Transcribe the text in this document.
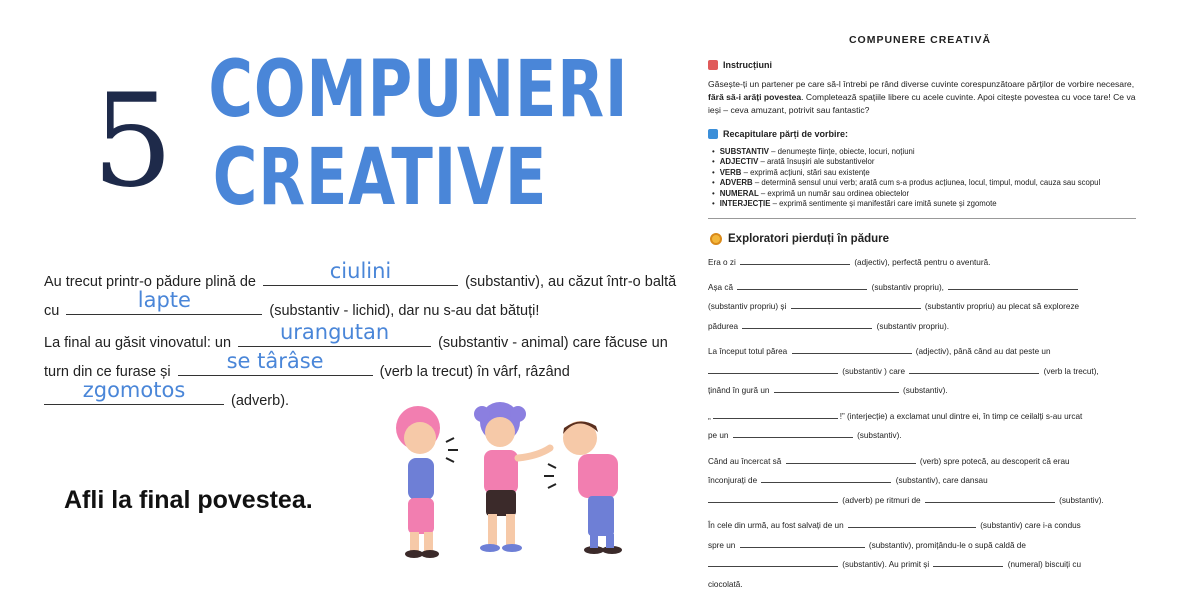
5 COMPUNERI
CREATIVE

Au trecut printr-o pădure plină de	ciulini	(substantiv), au căzut într-o baltă
cu	lapte	(substantiv - lichid), dar nu s-au dat bătuți!

La final au găsit vinovatul: un	urangutan	(substantiv - animal) care făcuse un
turn din ce furase și	se târâse	(verb la trecut) în vârf, râzând

zgomotos	(adverb).

Afli la final povestea.
COMPUNERE CREATIVĂ
Instrucțiuni
Găsește-ți un partener pe care să-l întrebi pe rând diverse cuvinte corespunzătoare părților de vorbire necesare, fără să-i arăți povestea. Completează spațiile libere cu acele cuvinte. Apoi citește povestea cu voce tare! Ce va ieși – ceva amuzant, potrivit sau fantastic?
Recapitulare părți de vorbire:
• SUBSTANTIV – denumește ființe, obiecte, locuri, noțiuni
• ADJECTIV – arată însușiri ale substantivelor
• VERB – exprimă acțiuni, stări sau existențe
• ADVERB – determină sensul unui verb; arată cum s-a produs acțiunea, locul, timpul, modul, cauza sau scopul
• NUMERAL – exprimă un număr sau ordinea obiectelor
• INTERJECȚIE – exprimă sentimente și manifestări care imită sunete și zgomote
Exploratori pierduți în pădure

Era o zi	(adjectiv), perfectă pentru o aventură.

Așa că	(substantiv propriu),
(substantiv propriu) și	(substantiv propriu) au plecat să exploreze
pădurea	(substantiv propriu).

La început totul părea	(adjectiv), până când au dat peste un
(substantiv ) care	(verb la trecut),
ținând în gură un	(substantiv).

„	!” (interjecție) a exclamat unul dintre ei, în timp ce ceilalți s-au urcat
pe un	(substantiv).

Când au încercat să	(verb) spre potecă, au descoperit că erau
înconjurați de	(substantiv), care dansau
(adverb) pe ritmuri de	(substantiv).

În cele din urmă, au fost salvați de un	(substantiv) care i-a condus
spre un	(substantiv), promițându-le o supă caldă de
(substantiv). Au primit și	(numeral) biscuiți cu
ciocolată.
